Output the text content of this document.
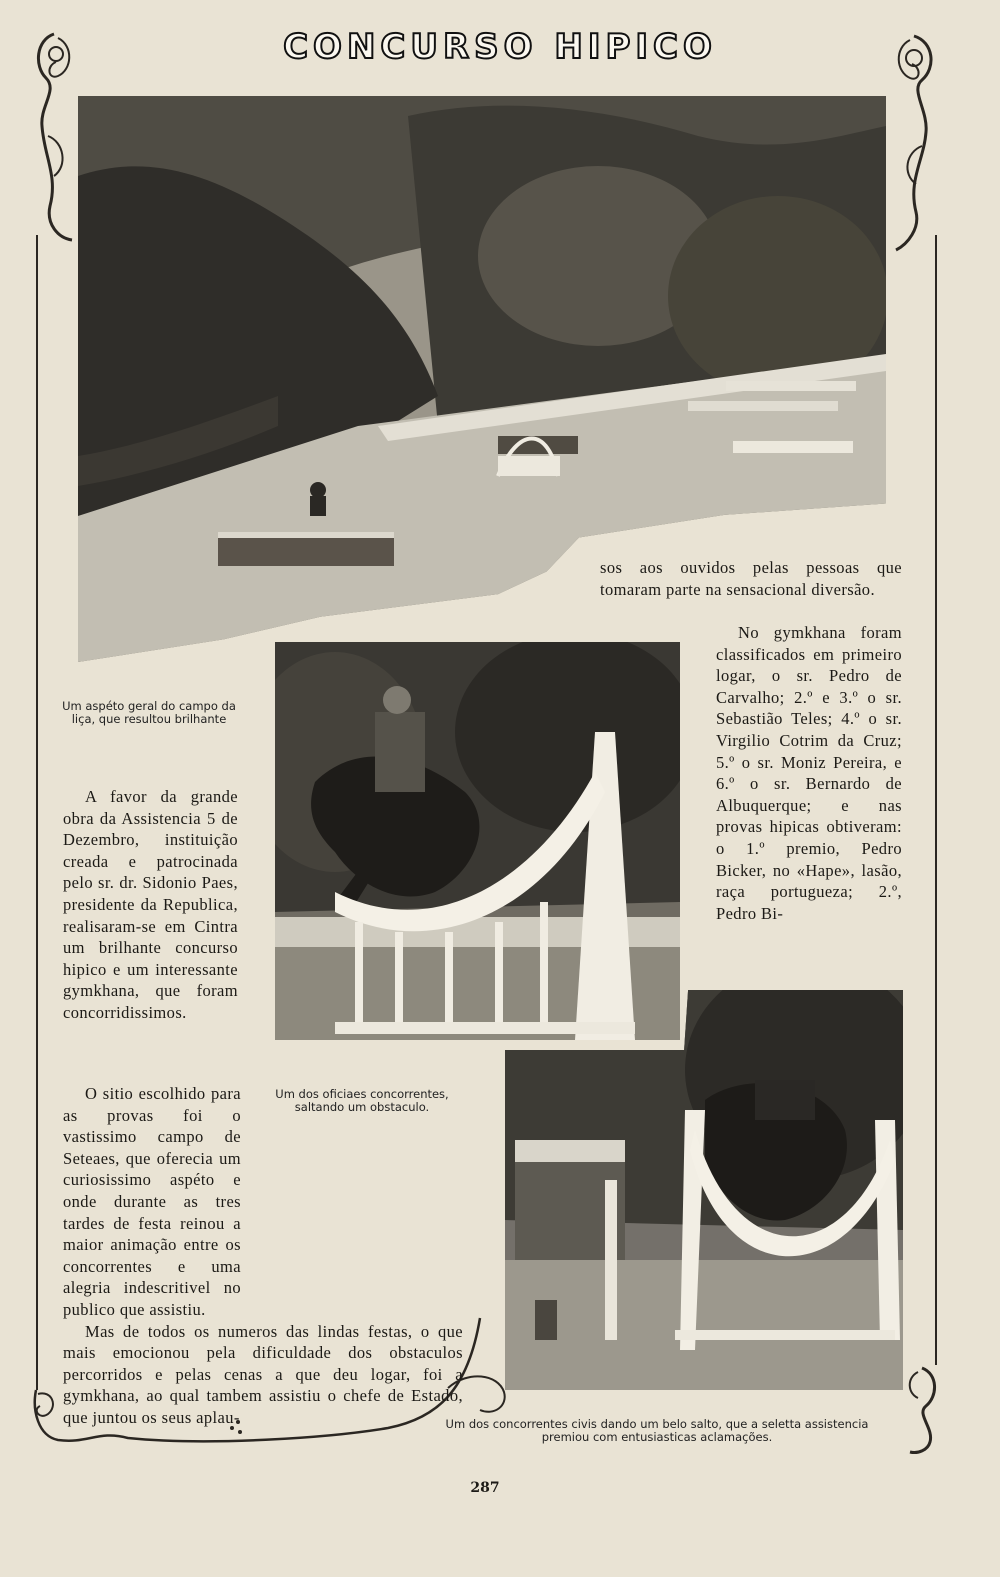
CONCURSO HIPICO
Um aspéto geral do campo da liça, que resultou brilhante
Um dos oficiaes concorrentes, saltando um obstaculo.
Um dos concorrentes civis dando um belo salto, que a seletta assistencia premiou com entusiasticas aclamações.

A favor da grande obra da Assistencia 5 de Dezembro, instituição creada e patrocinada pelo sr. dr. Sidonio Paes, presidente da Republica, realisaram-se em Cintra um brilhante concurso hipico e um interessante gymkhana, que foram concorridissimos.

O sitio escolhido para as provas foi o vastissimo campo de Seteaes, que oferecia um curiosissimo aspéto e onde durante as tres tardes de festa reinou a maior animação entre os concorrentes e uma alegria indescritivel no publico que assistiu.

Mas de todos os numeros das lindas festas, o que mais emocionou pela dificuldade dos obstaculos percorridos e pelas cenas a que deu logar, foi a gymkhana, ao qual tambem assistiu o chefe de Estado, que juntou os seus aplau-

sos aos ouvidos pelas pessoas que tomaram parte na sensacional diversão.

No gymkhana foram classificados em primeiro logar, o sr. Pedro de Carvalho; 2.º e 3.º o sr. Sebastião Teles; 4.º o sr. Virgilio Cotrim da Cruz; 5.º o sr. Moniz Pereira, e 6.º o sr. Bernardo de Albuquerque; e nas provas hipicas obtiveram: o 1.º premio, Pedro Bicker, no «Hape», lasão, raça portugueza; 2.º, Pedro Bi-

287
